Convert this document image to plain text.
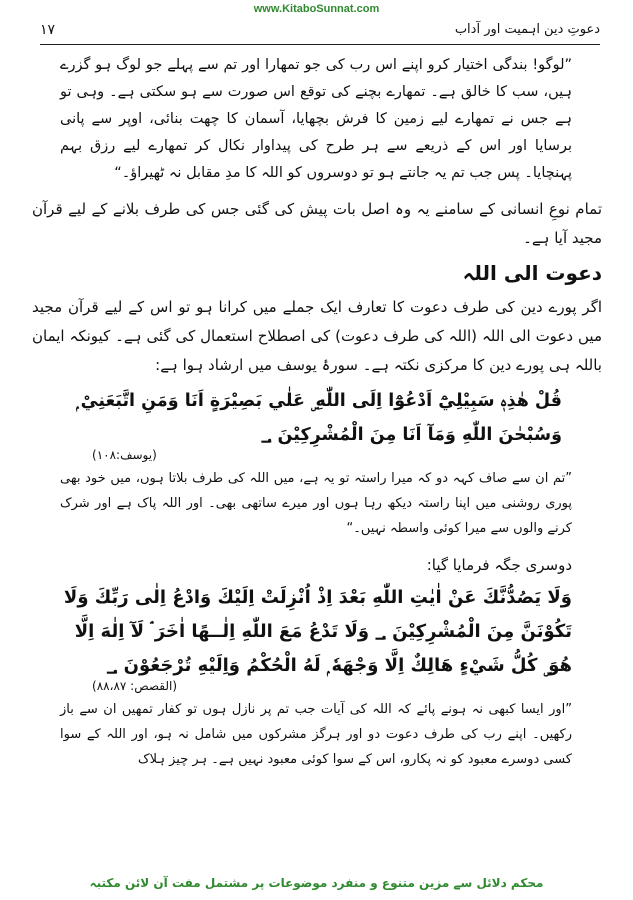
www.KitaboSunnat.com
دعوتِ دین اہمیت اور آداب
۱۷
”لوگو! بندگی اختیار کرو اپنے اس رب کی جو تمھارا اور تم سے پہلے جو لوگ ہو گزرے ہیں، سب کا خالق ہے۔ تمھارے بچنے کی توقع اس صورت سے ہو سکتی ہے۔ وہی تو ہے جس نے تمھارے لیے زمین کا فرش بچھایا، آسمان کا چھت بنائی، اوپر سے پانی برسایا اور اس کے ذریعے سے ہر طرح کی پیداوار نکال کر تمھارے لیے رزق بہم پہنچایا۔ پس جب تم یہ جانتے ہو تو دوسروں کو اللہ کا مدِ مقابل نہ ٹھیراؤ۔“
تمام نوعِ انسانی کے سامنے یہ وہ اصل بات پیش کی گئی جس کی طرف بلانے کے لیے قرآن مجید آیا ہے۔
دعوت الی اللہ
اگر پورے دین کی طرف دعوت کا تعارف ایک جملے میں کرانا ہو تو اس کے لیے قرآن مجید میں دعوت الی اللہ (اللہ کی طرف دعوت) کی اصطلاح استعمال کی گئی ہے۔ کیونکہ ایمان باللہ ہی پورے دین کا مرکزی نکتہ ہے۔ سورۂ یوسف میں ارشاد ہوا ہے:
قُلْ هٰذِهٖ سَبِيْلِيْٓ اَدْعُوْٓا اِلَى اللّٰهِ ۣ عَلٰي بَصِيْرَةٍ اَنَا وَمَنِ اتَّبَعَنِيْ ۭ وَسُبْحٰنَ اللّٰهِ وَمَآ اَنَا مِنَ الْمُشْرِكِيْنَ ؀
(یوسف:۱۰۸)
”تم ان سے صاف کہہ دو کہ میرا راستہ تو یہ ہے، میں اللہ کی طرف بلاتا ہوں، میں خود بھی پوری روشنی میں اپنا راستہ دیکھ رہا ہوں اور میرے ساتھی بھی۔ اور اللہ پاک ہے اور شرک کرنے والوں سے میرا کوئی واسطہ نہیں۔“
دوسری جگہ فرمایا گیا:
وَلَا يَصُدُّنَّكَ عَنْ اٰيٰتِ اللّٰهِ بَعْدَ اِذْ اُنْزِلَتْ اِلَيْكَ وَادْعُ اِلٰى رَبِّكَ وَلَا تَكُوْنَنَّ مِنَ الْمُشْرِكِيْنَ ؀ وَلَا تَدْعُ مَعَ اللّٰهِ اِلٰــهًا اٰخَرَ ۘ لَآ اِلٰهَ اِلَّا هُوَ ۣ كُلُّ شَيْءٍ هَالِكٌ اِلَّا وَجْهَهٗ ۭ لَهُ الْحُكْمُ وَاِلَيْهِ تُرْجَعُوْنَ ؀
(القصص: ۸۸،۸۷)
”اور ایسا کبھی نہ ہونے پائے کہ اللہ کی آیات جب تم پر نازل ہوں تو کفار تمھیں ان سے باز رکھیں۔ اپنے رب کی طرف دعوت دو اور ہرگز مشرکوں میں شامل نہ ہو، اور اللہ کے سوا کسی دوسرے معبود کو نہ پکارو، اس کے سوا کوئی معبود نہیں ہے۔ ہر چیز ہلاک
محکم دلائل سے مزین متنوع و منفرد موضوعات پر مشتمل مفت آن لائن مکتبہ
